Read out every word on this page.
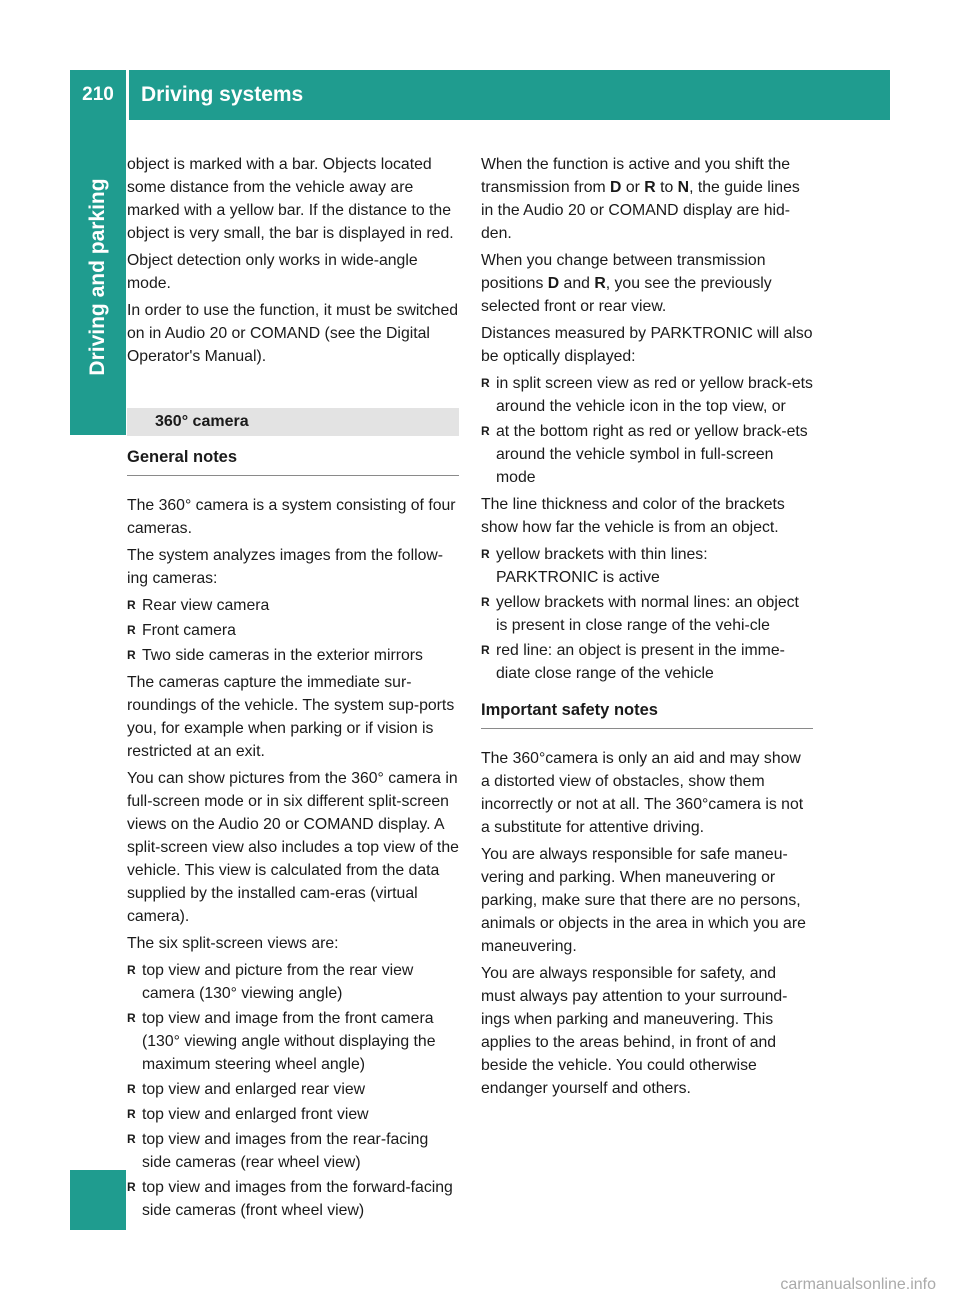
210	Driving systems
Driving and parking

object is marked with a bar. Objects located some distance from the vehicle away are marked with a yellow bar. If the distance to the object is very small, the bar is displayed in red.

Object detection only works in wide-angle mode.

In order to use the function, it must be switched on in Audio 20 or COMAND (see the Digital Operator's Manual).

360° camera
General notes

The 360° camera is a system consisting of four cameras.

The system analyzes images from the follow-ing cameras:

R Rear view camera
R Front camera
R Two side cameras in the exterior mirrors

The cameras capture the immediate sur-roundings of the vehicle. The system sup-ports you, for example when parking or if vision is restricted at an exit.

You can show pictures from the 360° camera in full-screen mode or in six different split-screen views on the Audio 20 or COMAND display. A split-screen view also includes a top view of the vehicle. This view is calculated from the data supplied by the installed cam-eras (virtual camera).

The six split-screen views are:

R top view and picture from the rear view camera (130° viewing angle)
R top view and image from the front camera (130° viewing angle without displaying the maximum steering wheel angle)
R top view and enlarged rear view
R top view and enlarged front view
R top view and images from the rear-facing side cameras (rear wheel view)
R top view and images from the forward-facing side cameras (front wheel view)

When the function is active and you shift the transmission from D or R to N, the guide lines in the Audio 20 or COMAND display are hid-den.

When you change between transmission positions D and R, you see the previously selected front or rear view.

Distances measured by PARKTRONIC will also be optically displayed:

R in split screen view as red or yellow brack-ets around the vehicle icon in the top view, or
R at the bottom right as red or yellow brack-ets around the vehicle symbol in full-screen mode

The line thickness and color of the brackets show how far the vehicle is from an object.

R yellow brackets with thin lines: PARKTRONIC is active
R yellow brackets with normal lines: an object is present in close range of the vehi-cle
R red line: an object is present in the imme-diate close range of the vehicle
Important safety notes

The 360°camera is only an aid and may show a distorted view of obstacles, show them incorrectly or not at all. The 360°camera is not a substitute for attentive driving.

You are always responsible for safe maneu-vering and parking. When maneuvering or parking, make sure that there are no persons, animals or objects in the area in which you are maneuvering.

You are always responsible for safety, and must always pay attention to your surround-ings when parking and maneuvering. This applies to the areas behind, in front of and beside the vehicle. You could otherwise endanger yourself and others.

carmanualsonline.info
